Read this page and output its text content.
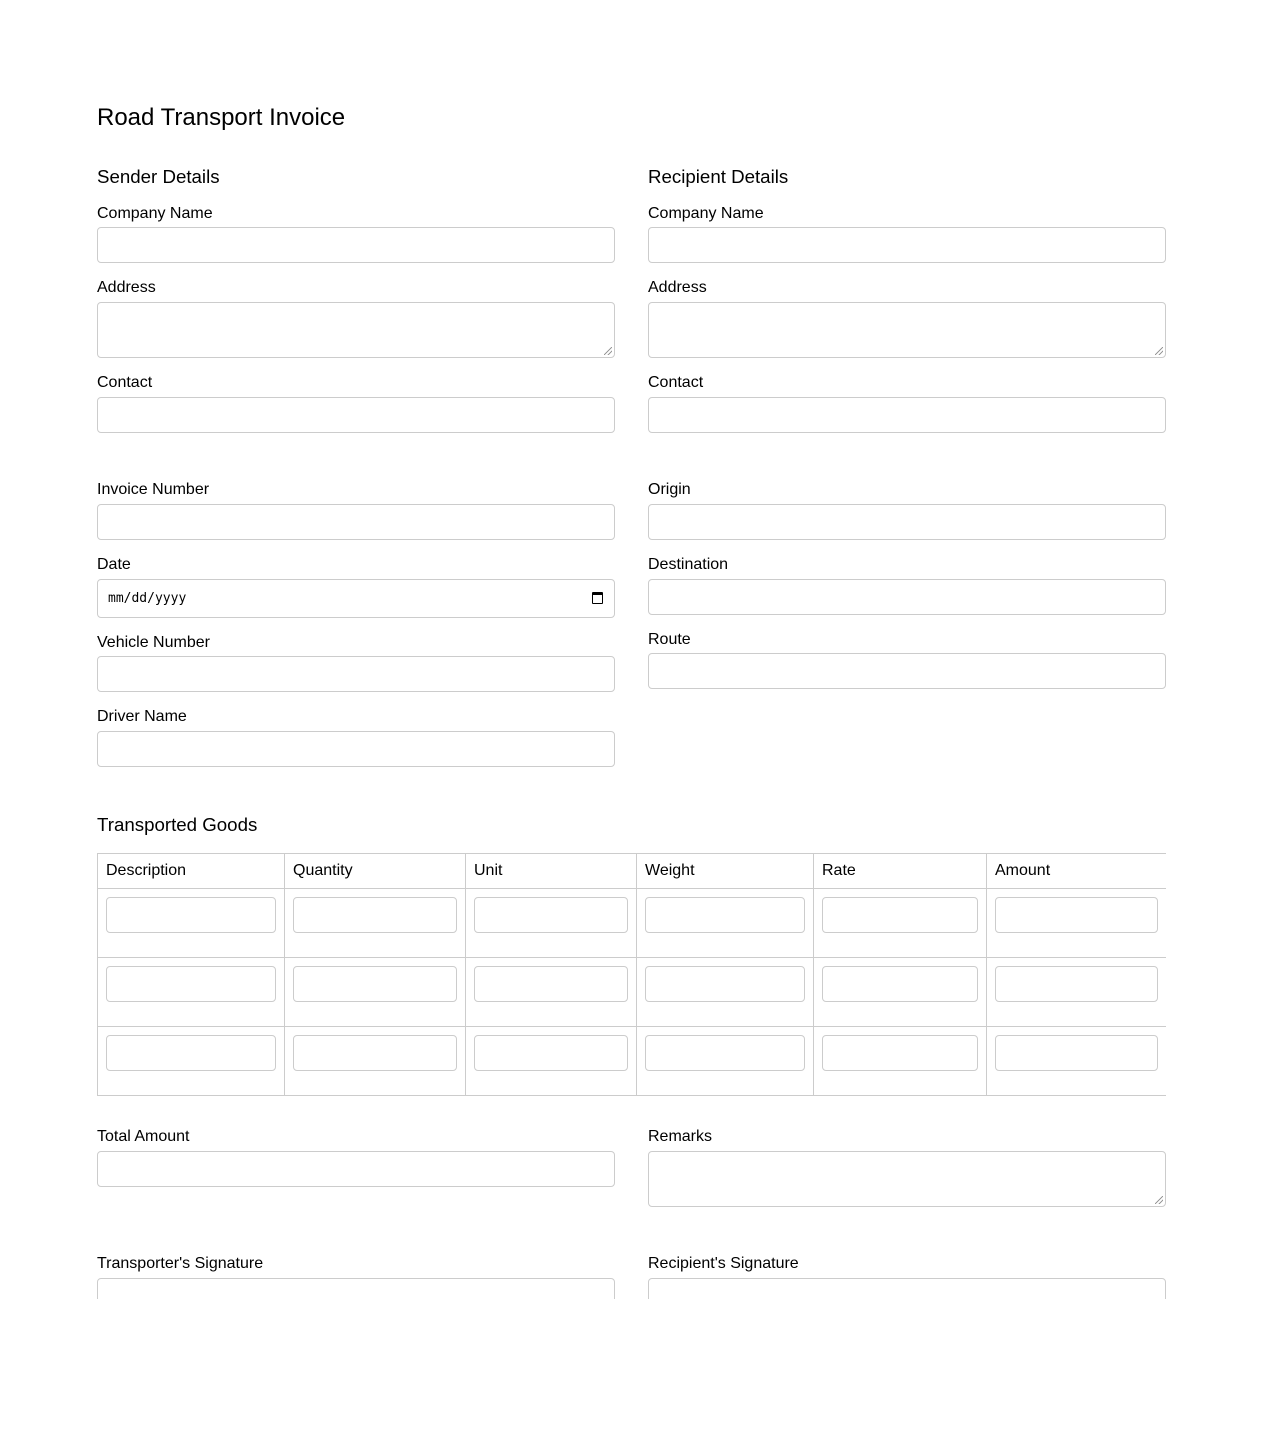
Road Transport Invoice
Sender Details
Company Name
Address
Contact
Recipient Details
Company Name
Address
Contact
Invoice Number
Date
mm/dd/yyyy
Vehicle Number
Driver Name
Origin
Destination
Route
Transported Goods
Description	Quantity	Unit	Weight	Rate	Amount

Total Amount
Transporter's Signature
Remarks
Recipient's Signature
